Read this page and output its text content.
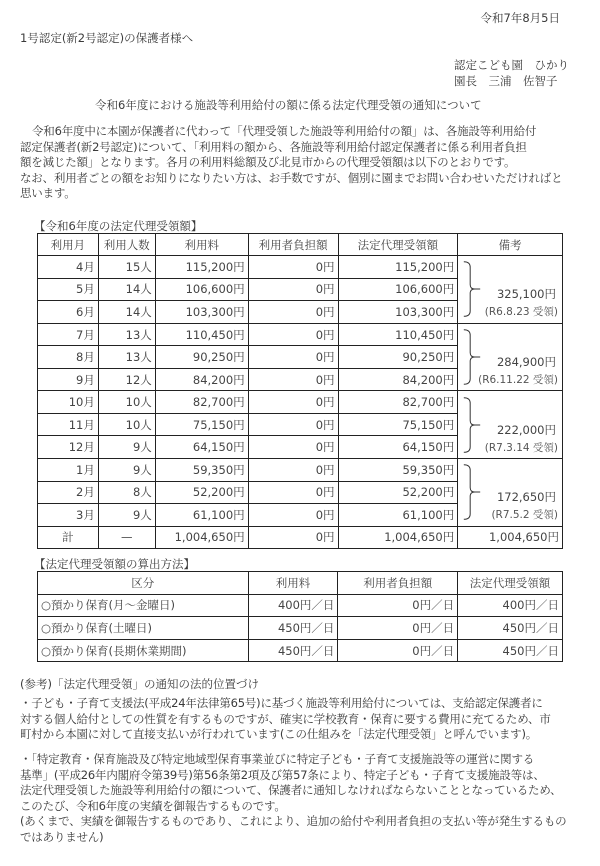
令和7年8月5日
1号認定(新2号認定)の保護者様へ
認定こども園　ひかり
園長　三浦　佐智子
令和6年度における施設等利用給付の額に係る法定代理受領の通知について
令和6年度中に本園が保護者に代わって「代理受領した施設等利用給付の額」は、各施設等利用給付
認定保護者(新2号認定)について、「利用料の額から、各施設等利用給付認定保護者に係る利用者負担
額を減じた額」となります。各月の利用料総額及び北見市からの代理受領額は以下のとおりです。
なお、利用者ごとの額をお知りになりたい方は、お手数ですが、個別に園までお問い合わせいただければと
思います。
【令和6年度の法定代理受領額】
利用月	利用人数	利用料	利用者負担額	法定代理受領額	備考
4月	15人	115,200円	0円	115,200円	325,100円
(R6.8.23 受領)

5月	14人	106,600円	0円	106,600円	
6月	14人	103,300円	0円	103,300円	
7月	13人	110,450円	0円	110,450円	284,900円
(R6.11.22 受領)

8月	13人	90,250円	0円	90,250円	
9月	12人	84,200円	0円	84,200円	
10月	10人	82,700円	0円	82,700円	222,000円
(R7.3.14 受領)

11月	10人	75,150円	0円	75,150円	
12月	9人	64,150円	0円	64,150円	
1月	9人	59,350円	0円	59,350円	172,650円
(R7.5.2 受領)

2月	8人	52,200円	0円	52,200円	
3月	9人	61,100円	0円	61,100円	
計	—	1,004,650円	0円	1,004,650円	1,004,650円
【法定代理受領額の算出方法】
区分	利用料	利用者負担額	法定代理受領額
○預かり保育(月～金曜日)	400円／日	0円／日	400円／日
○預かり保育(土曜日)	450円／日	0円／日	450円／日
○預かり保育(長期休業期間)	450円／日	0円／日	450円／日
(参考)「法定代理受領」の通知の法的位置づけ
・子ども・子育て支援法(平成24年法律第65号)に基づく施設等利用給付については、支給認定保護者に
対する個人給付としての性質を有するものですが、確実に学校教育・保育に要する費用に充てるため、市
町村から本園に対して直接支払いが行われています(この仕組みを「法定代理受領」と呼んでいます)。
・「特定教育・保育施設及び特定地域型保育事業並びに特定子ども・子育て支援施設等の運営に関する
基準」(平成26年内閣府令第39号)第56条第2項及び第57条により、特定子ども・子育て支援施設等は、
法定代理受領した施設等利用給付の額について、保護者に通知しなければならないこととなっているため、
このたび、令和6年度の実績を御報告するものです。
(あくまで、実績を御報告するものであり、これにより、追加の給付や利用者負担の支払い等が発生するもの
ではありません)
